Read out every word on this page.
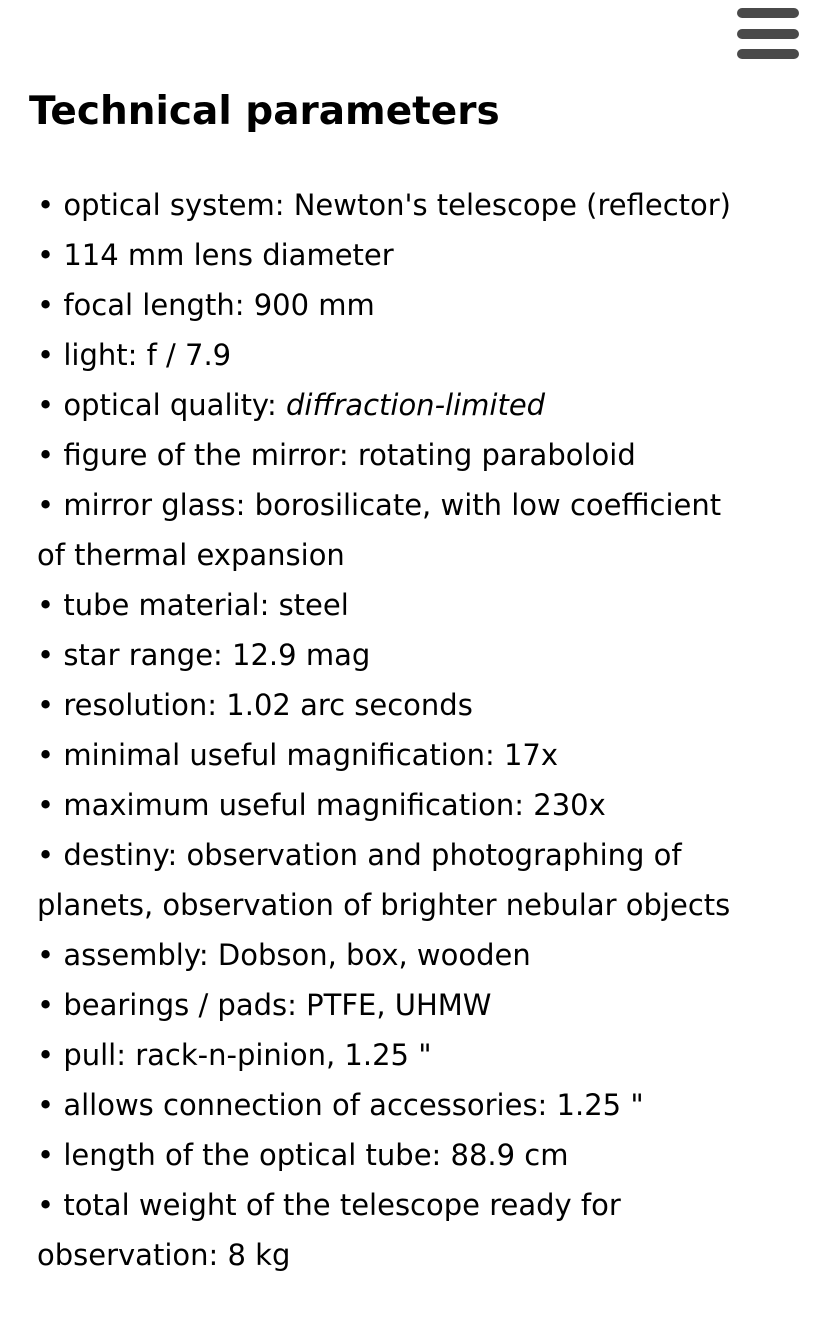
Technical parameters
• optical system: Newton's telescope (reflector)
• 114 mm lens diameter
• focal length: 900 mm
• light: f / 7.9
• optical quality: diffraction-limited
• figure of the mirror: rotating paraboloid
• mirror glass: borosilicate, with low coefficient
of thermal expansion
• tube material: steel
• star range: 12.9 mag
• resolution: 1.02 arc seconds
• minimal useful magnification: 17x
• maximum useful magnification: 230x
• destiny: observation and photographing of
planets, observation of brighter nebular objects
• assembly: Dobson, box, wooden
• bearings / pads: PTFE, UHMW
• pull: rack-n-pinion, 1.25 "
• allows connection of accessories: 1.25 "
• length of the optical tube: 88.9 cm
• total weight of the telescope ready for
observation: 8 kg
